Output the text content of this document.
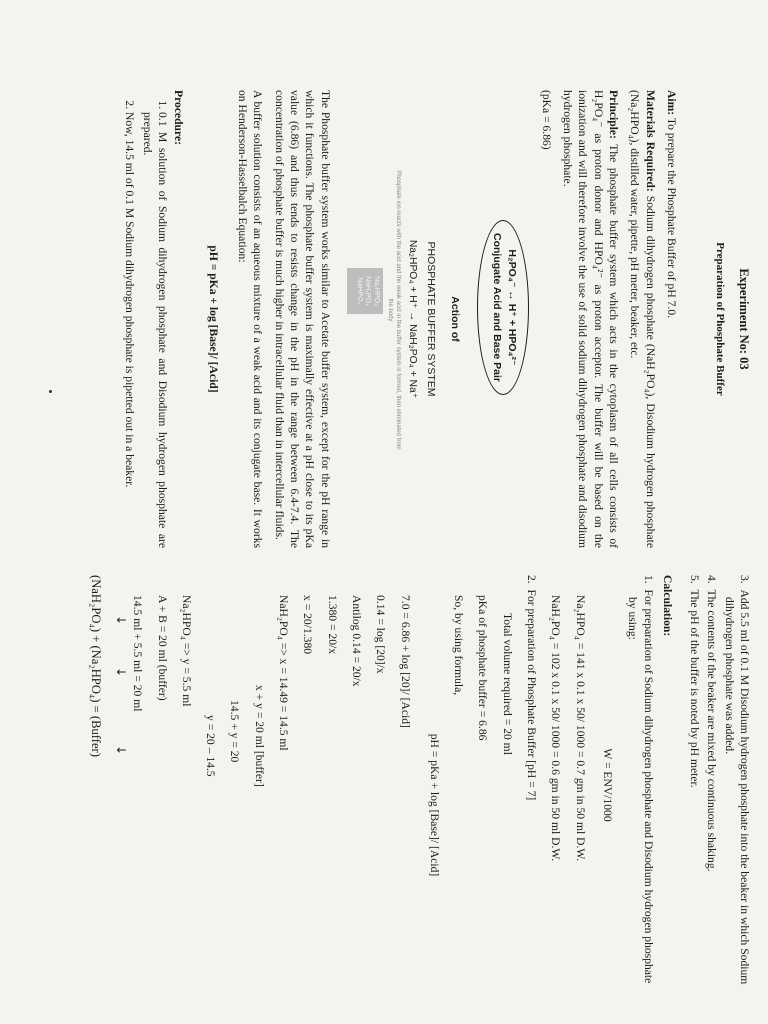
Experiment No: 03
Preparation of Phosphate Buffer

Aim: To prepare the Phosphate Buffer of pH 7.0.

Materials Required: Sodium dihydrogen phosphate (NaH₂PO₄), Disodium hydrogen phosphate (Na₂HPO₄), distilled water, pipette, pH meter, beaker, etc.

Principle: The phosphate buffer system which acts in the cytoplasm of all cells consists of H₂PO₄⁻ as proton donor and HPO₄²⁻ as proton acceptor. The buffer will be based on the ionization and will therefore involve the use of solid sodium dihydrogen phosphate and disodium hydrogen phosphate.

(pKa = 6.86)

H₂PO₄⁻ ↔ H⁺ + HPO₄²⁻
Conjugate Acid and Base Pair
Action of
PHOSPHATE BUFFER SYSTEM
Na₂HPO₄ + H⁺ → NaH₂PO₄ + Na⁺
Phosphate ion reacts with the acid and the weak acid in the buffer system is formed, then eliminated from the body
Na₂HPO₄ NaH₂PO₄ NaHPO₄

The Phosphate buffer system works similar to Acetate buffer system, except for the pH range in which it functions. The phosphate buffer system is maximally effective at a pH close to its pKa value (6.86) and thus tends to resists change in the pH in the range between 6.4-7.4. The concentration of phosphate buffer is much higher in intracellular fluid than in intercellular fluids.

A buffer solution consists of an aqueous mixture of a weak acid and its conjugate base. It works on Henderson-Hasselbalch Equation:

pH = pKa + log [Base]/ [Acid]
Procedure:
1. 0.1 M solution of Sodium dihydrogen phosphate and Disodium hydrogen phosphate are prepared.
2. Now, 14.5 ml of 0.1 M Sodium dihydrogen phosphate is pipetted out in a beaker.
3.  Add 5.5 ml of 0.1 M Disodium hydrogen phosphate into the beaker in which Sodium dihydrogen phosphate was added.
4.  The contents of the beaker are mixed by continuous shaking.
5.  The pH of the buffer is noted by pH meter.
Calculation:
1.  For preparation of Sodium dihydrogen phosphate and Disodium hydrogen phosphate by using:
W = ENV/1000
Na₂HPO₄ = 141 x 0.1 x 50/ 1000 = 0.7 gm in 50 ml D.W.
NaH₂PO₄ = 102 x 0.1 x 50/ 1000 = 0.6 gm in 50 ml D.W.
2.  For preparation of Phosphate Buffer [pH = 7]
Total volume required = 20 ml
pKa of phosphate buffer = 6.86
So, by using formula,
pH = pKa + log [Base]/ [Acid]
7.0 = 6.86 + log [20]/ [Acid]
0.14 = log [20]/x
Antilog 0.14 = 20/x
1.380 = 20/x
x = 20/1.380
NaH₂PO₄ => x = 14.49 = 14.5 ml
x + y = 20 ml [buffer]
14.5 + y = 20
y = 20 – 14.5
Na₂HPO₄ => y = 5.5 ml
A + B = 20 ml (buffer)
14.5 ml + 5.5 ml = 20 ml
↓
↓
↓
(NaH₂PO₄) + (Na₂HPO₄) = (Buffer)
